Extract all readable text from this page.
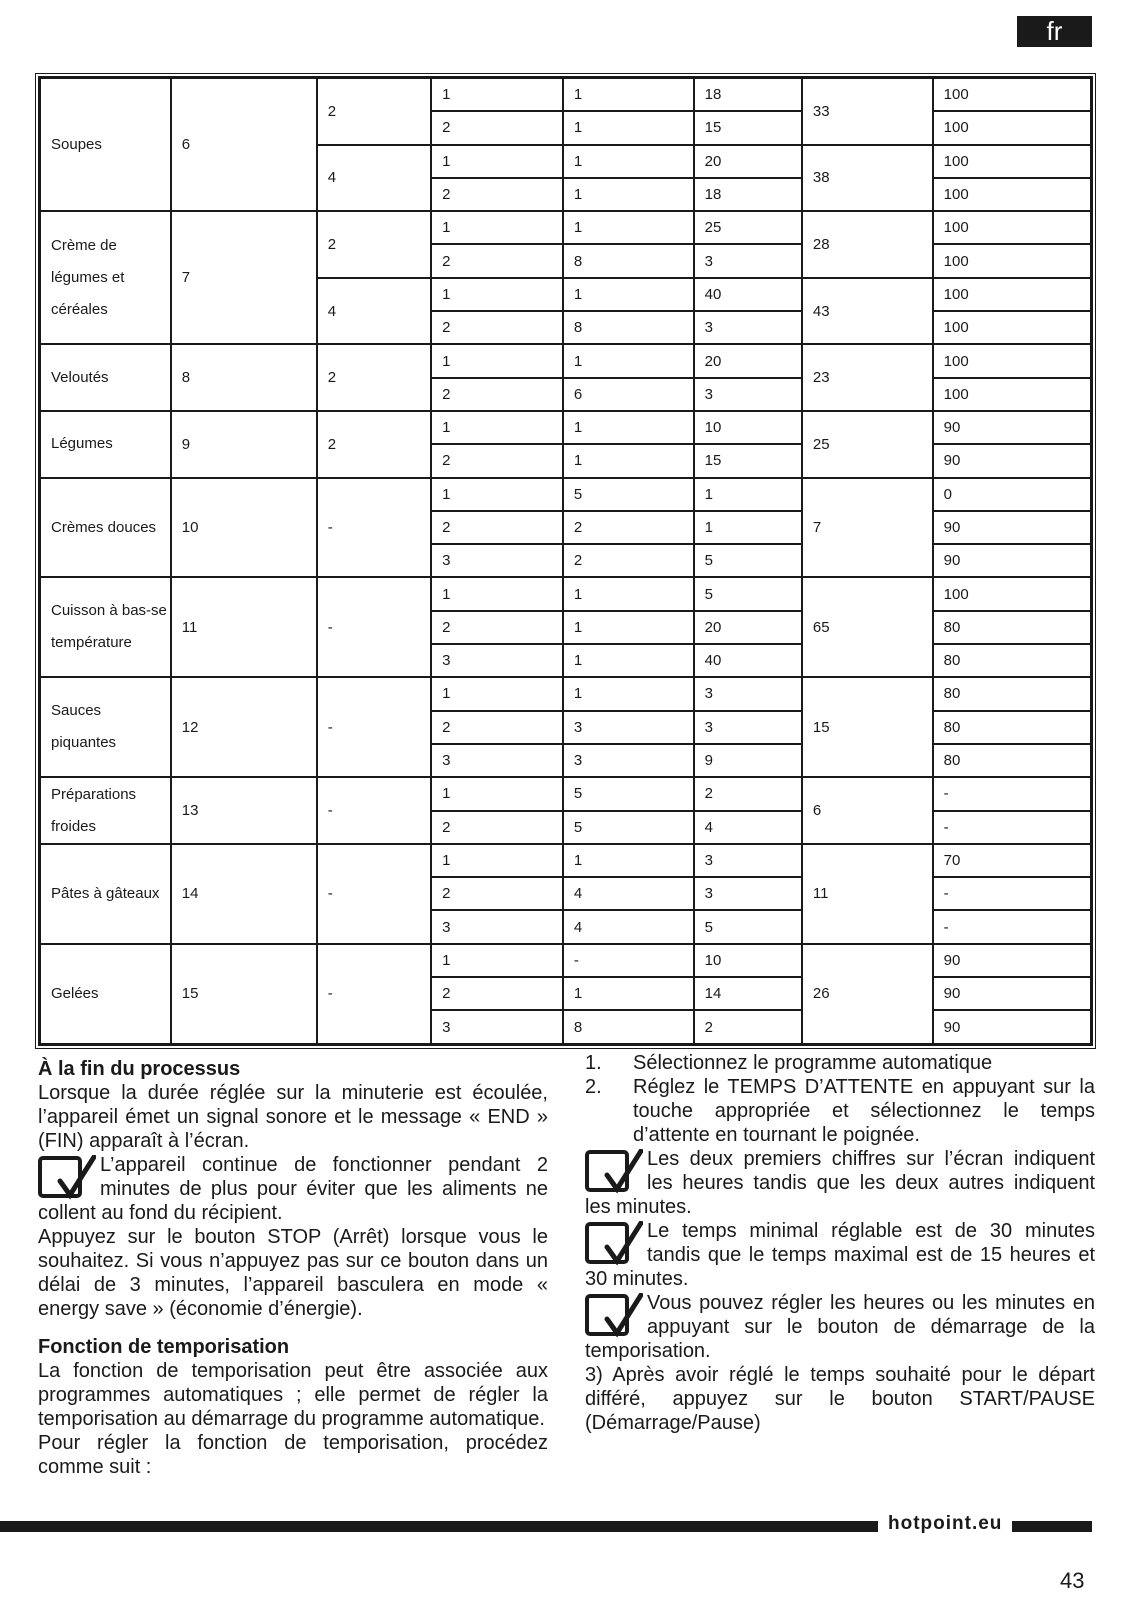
fr
Soupes	6	2	1	1	18	33	100
			2	1	15		100
		4	1	1	20	38	100
			2	1	18		100
Crème de légumes et céréales	7	2	1	1	25	28	100
			2	8	3		100
		4	1	1	40	43	100
			2	8	3		100
Veloutés	8	2	1	1	20	23	100
			2	6	3		100
Légumes	9	2	1	1	10	25	90
			2	1	15		90
Crèmes douces	10	-	1	5	1	7	0
			2	2	1		90
			3	2	5		90
Cuisson à bas-se température	11	-	1	1	5	65	100
			2	1	20		80
			3	1	40		80
Sauces piquantes	12	-	1	1	3	15	80
			2	3	3		80
			3	3	9		80
Préparations froides	13	-	1	5	2	6	-
			2	5	4		-
Pâtes à gâteaux	14	-	1	1	3	11	70
			2	4	3		-
			3	4	5		-
Gelées	15	-	1	-	10	26	90
			2	1	14		90
			3	8	2		90
À la fin du processus

Lorsque la durée réglée sur la minuterie est écoulée, l’appareil émet un signal sonore et le message « END » (FIN) apparaît à l’écran.

L’appareil continue de fonctionner pendant 2 minutes de plus pour éviter que les aliments ne collent au fond du récipient.

Appuyez sur le bouton STOP (Arrêt) lorsque vous le souhaitez. Si vous n’appuyez pas sur ce bouton dans un délai de 3 minutes, l’appareil basculera en mode « energy save » (économie d’énergie).

Fonction de temporisation

La fonction de temporisation peut être associée aux programmes automatiques ; elle permet de régler la temporisation au démarrage du programme automatique.

Pour régler la fonction de temporisation, procédez comme suit :

1.	Sélectionnez le programme automatique
2.	Réglez le TEMPS D’ATTENTE en appuyant sur la touche appropriée et sélectionnez le temps d’attente en tournant le poignée.

Les deux premiers chiffres sur l’écran indiquent les heures tandis que les deux autres indiquent les minutes.

Le temps minimal réglable est de 30 minutes tandis que le temps maximal est de 15 heures et 30 minutes.

Vous pouvez régler les heures ou les minutes en appuyant sur le bouton de démarrage de la temporisation.

3) Après avoir réglé le temps souhaité pour le départ différé, appuyez sur le bouton START/PAUSE (Démarrage/Pause)

hotpoint.eu
43
